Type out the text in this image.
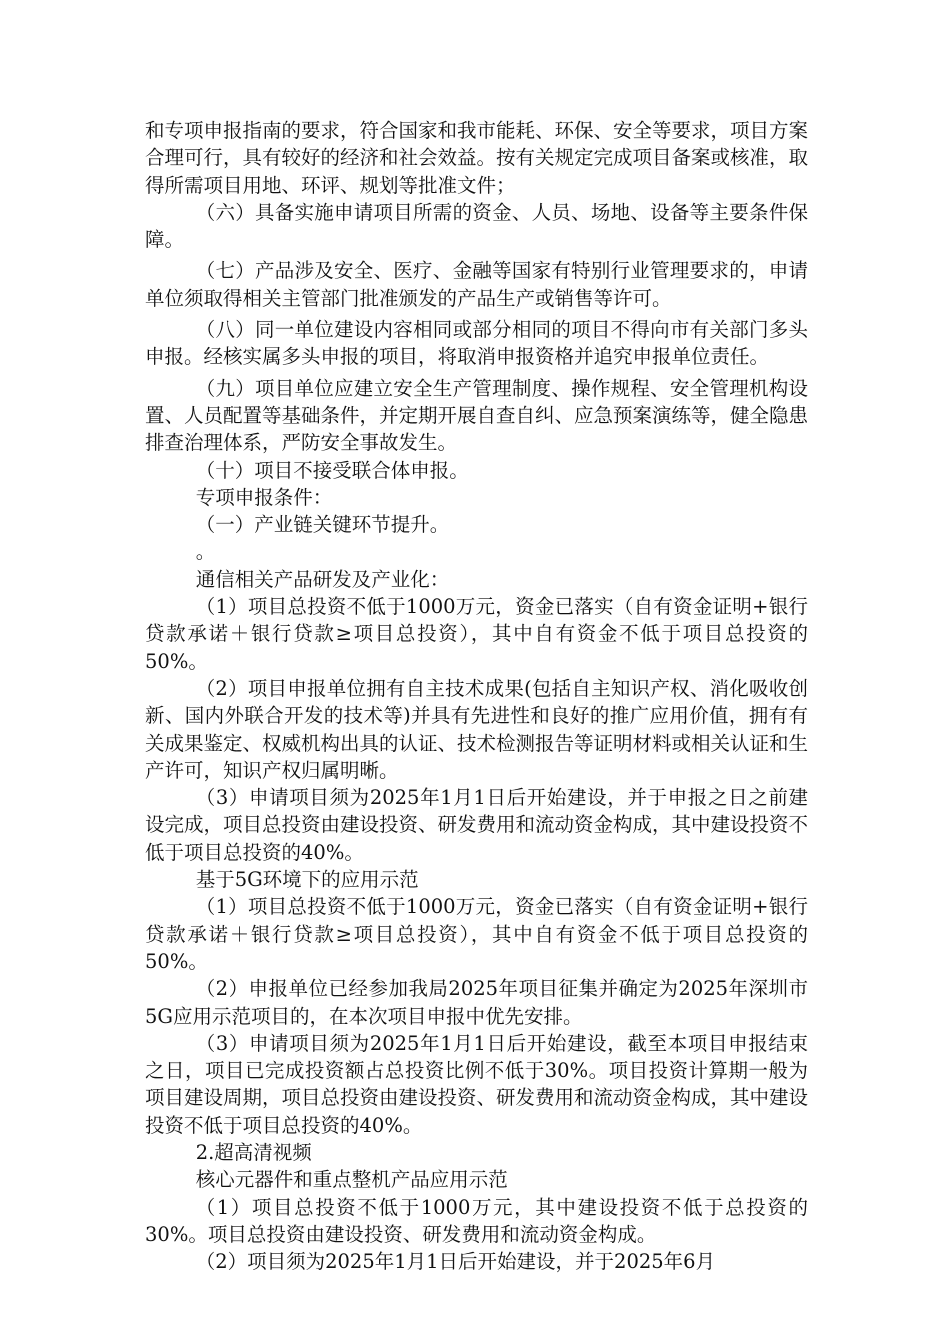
和专项申报指南的要求，符合国家和我市能耗、环保、安全等要求，项目方案合理可行，具有较好的经济和社会效益。按有关规定完成项目备案或核准，取得所需项目用地、环评、规划等批准文件；

（六）具备实施申请项目所需的资金、人员、场地、设备等主要条件保障。

（七）产品涉及安全、医疗、金融等国家有特别行业管理要求的，申请单位须取得相关主管部门批准颁发的产品生产或销售等许可。

（八）同一单位建设内容相同或部分相同的项目不得向市有关部门多头申报。经核实属多头申报的项目，将取消申报资格并追究申报单位责任。

（九）项目单位应建立安全生产管理制度、操作规程、安全管理机构设置、人员配置等基础条件，并定期开展自查自纠、应急预案演练等，健全隐患排查治理体系，严防安全事故发生。

（十）项目不接受联合体申报。

专项申报条件：

（一）产业链关键环节提升。

。

通信相关产品研发及产业化：

（1）项目总投资不低于1000万元，资金已落实（自有资金证明+银行贷款承诺＋银行贷款≥项目总投资），其中自有资金不低于项目总投资的50%。

（2）项目申报单位拥有自主技术成果(包括自主知识产权、消化吸收创新、国内外联合开发的技术等)并具有先进性和良好的推广应用价值，拥有有关成果鉴定、权威机构出具的认证、技术检测报告等证明材料或相关认证和生产许可，知识产权归属明晰。

（3）申请项目须为2025年1月1日后开始建设，并于申报之日之前建设完成，项目总投资由建设投资、研发费用和流动资金构成，其中建设投资不低于项目总投资的40%。

基于5G环境下的应用示范

（1）项目总投资不低于1000万元，资金已落实（自有资金证明+银行贷款承诺＋银行贷款≥项目总投资），其中自有资金不低于项目总投资的50%。

（2）申报单位已经参加我局2025年项目征集并确定为2025年深圳市5G应用示范项目的，在本次项目申报中优先安排。

（3）申请项目须为2025年1月1日后开始建设，截至本项目申报结束之日，项目已完成投资额占总投资比例不低于30%。项目投资计算期一般为项目建设周期，项目总投资由建设投资、研发费用和流动资金构成，其中建设投资不低于项目总投资的40%。

2.超高清视频

核心元器件和重点整机产品应用示范

（1）项目总投资不低于1000万元，其中建设投资不低于总投资的30%。项目总投资由建设投资、研发费用和流动资金构成。

（2）项目须为2025年1月1日后开始建设，并于2025年6月
